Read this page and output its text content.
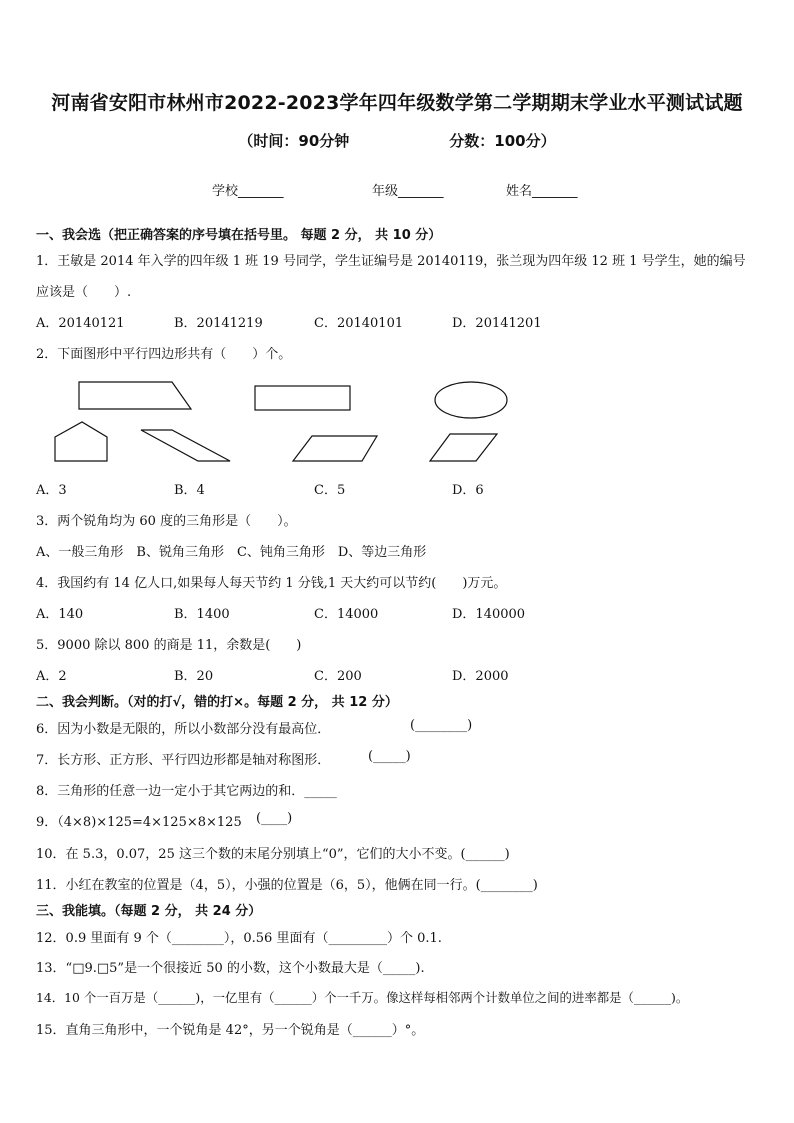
河南省安阳市林州市2022-2023学年四年级数学第二学期期末学业水平测试试题
（时间：90分钟	分数：100分）
学校_______	年级_______	姓名_______
一、我会选（把正确答案的序号填在括号里。 每题 2 分， 共 10 分）
1．王敏是 2014 年入学的四年级 1 班 19 号同学，学生证编号是 20140119，张兰现为四年级 12 班 1 号学生，她的编号
应该是（　　）.
A．20140121	B．20141219	C．20140101	D．20141201
2．下面图形中平行四边形共有（　　）个。
A．3	B．4	C．5	D．6
3．两个锐角均为 60 度的三角形是（　　）。
A、一般三角形　B、锐角三角形　C、钝角三角形　D、等边三角形
4．我国约有 14 亿人口,如果每人每天节约 1 分钱,1 天大约可以节约(　　)万元。
A．140	B．1400	C．14000	D．140000
5．9000 除以 800 的商是 11，余数是(　　)
A．2	B．20	C．200	D．2000
二、我会判断。（对的打√，错的打×。每题 2 分， 共 12 分）
6．因为小数是无限的，所以小数部分没有最高位．	(________)
7．长方形、正方形、平行四边形都是轴对称图形．	(_____)
8．三角形的任意一边一定小于其它两边的和．_____
9．（4×8)×125=4×125×8×125 (____)
10．在 5.3，0.07，25 这三个数的末尾分别填上“0”，它们的大小不变。(______)
11．小红在教室的位置是（4，5），小强的位置是（6，5），他俩在同一行。(________)
三、我能填。（每题 2 分， 共 24 分）
12．0.9 里面有 9 个（________），0.56 里面有（_________）个 0.1.
13．“□9.□5”是一个很接近 50 的小数，这个小数最大是（_____).
14．10 个一百万是（______)，一亿里有（______）个一千万。像这样每相邻两个计数单位之间的进率都是（______)。
15．直角三角形中，一个锐角是 42°，另一个锐角是（______）°。
